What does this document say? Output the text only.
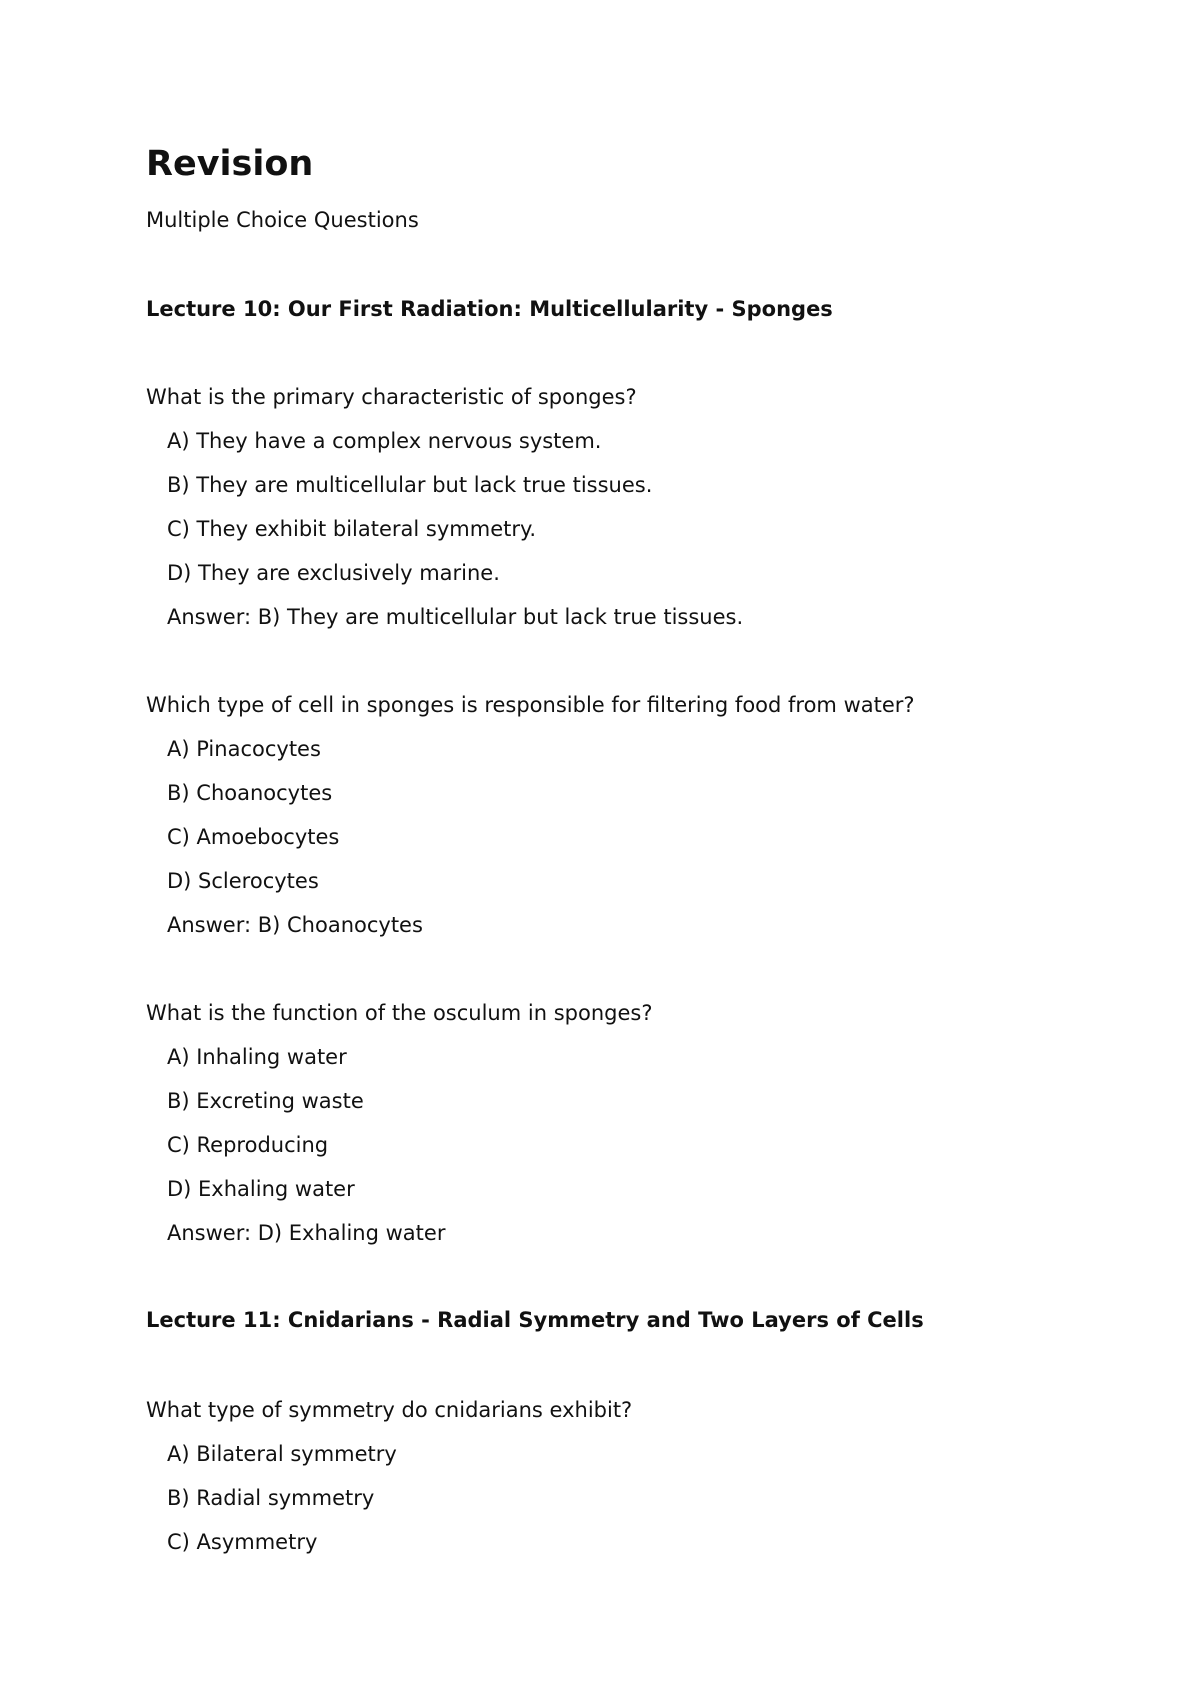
Revision
Multiple Choice Questions
Lecture 10: Our First Radiation: Multicellularity - Sponges
What is the primary characteristic of sponges?
A) They have a complex nervous system.
B) They are multicellular but lack true tissues.
C) They exhibit bilateral symmetry.
D) They are exclusively marine.
Answer: B) They are multicellular but lack true tissues.
Which type of cell in sponges is responsible for filtering food from water?
A) Pinacocytes
B) Choanocytes
C) Amoebocytes
D) Sclerocytes
Answer: B) Choanocytes
What is the function of the osculum in sponges?
A) Inhaling water
B) Excreting waste
C) Reproducing
D) Exhaling water
Answer: D) Exhaling water
Lecture 11: Cnidarians - Radial Symmetry and Two Layers of Cells
What type of symmetry do cnidarians exhibit?
A) Bilateral symmetry
B) Radial symmetry
C) Asymmetry
